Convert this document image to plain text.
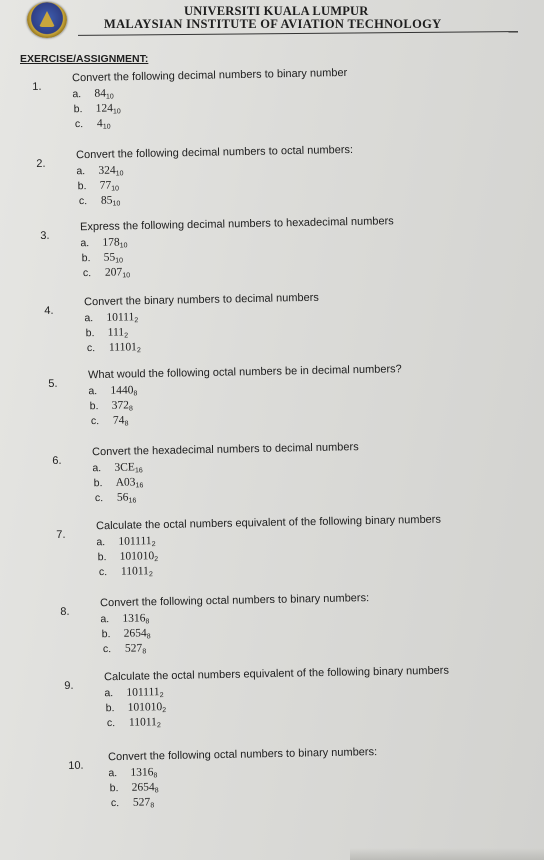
UNIVERSITI KUALA LUMPUR
MALAYSIAN INSTITUTE OF AVIATION TECHNOLOGY
EXERCISE/ASSIGNMENT:
1.
Convert the following decimal numbers to binary number
a. $84_{10}$
b. $124_{10}$
c. $4_{10}$
2.
Convert the following decimal numbers to octal numbers:
a. $324_{10}$
b. $77_{10}$
c. $85_{10}$
3.
Express the following decimal numbers to hexadecimal numbers
a. $178_{10}$
b. $55_{10}$
c. $207_{10}$
4.
Convert the binary numbers to decimal numbers
a. $10111_2$
b. $111_2$
c. $11101_2$
5.
What would the following octal numbers be in decimal numbers?
a. $1440_8$
b. $372_8$
c. $74_8$
6.
Convert the hexadecimal numbers to decimal numbers
a. $3CE_{16}$
b. $A03_{16}$
c. $56_{16}$
7.
Calculate the octal numbers equivalent of the following binary numbers
a. $101111_2$
b. $101010_2$
c. $11011_2$
8.
Convert the following octal numbers to binary numbers:
a. $1316_8$
b. $2654_8$
c. $527_8$
9.
Calculate the octal numbers equivalent of the following binary numbers
a. $101111_2$
b. $101010_2$
c. $11011_2$
10.
Convert the following octal numbers to binary numbers:
a. $1316_8$
b. $2654_8$
c. $527_8$
